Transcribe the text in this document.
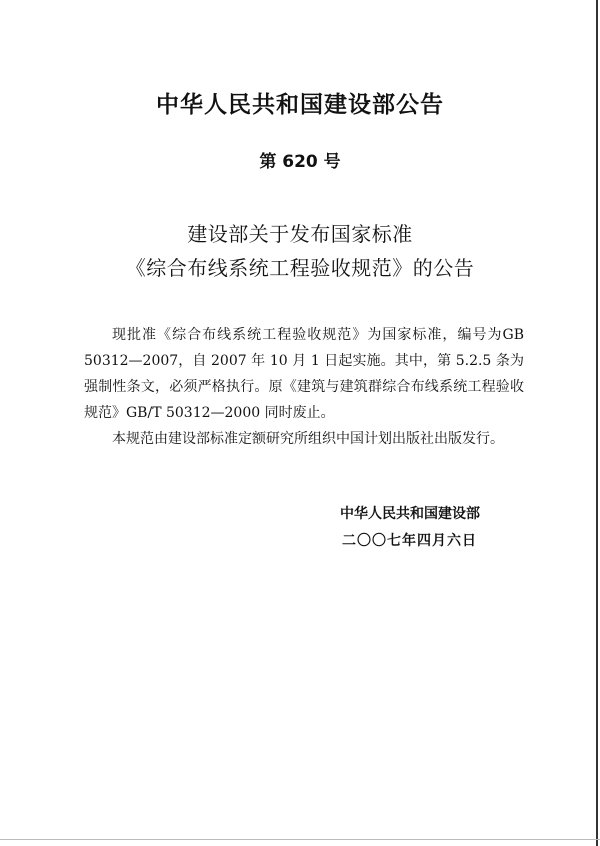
中华人民共和国建设部公告
第 620 号
建设部关于发布国家标准
《综合布线系统工程验收规范》的公告

现批准《综合布线系统工程验收规范》为国家标准，编号为GB 50312—2007，自 2007 年 10 月 1 日起实施。其中，第 5.2.5 条为强制性条文，必须严格执行。原《建筑与建筑群综合布线系统工程验收规范》GB/T 50312—2000 同时废止。

本规范由建设部标准定额研究所组织中国计划出版社出版发行。

中华人民共和国建设部
二〇〇七年四月六日
